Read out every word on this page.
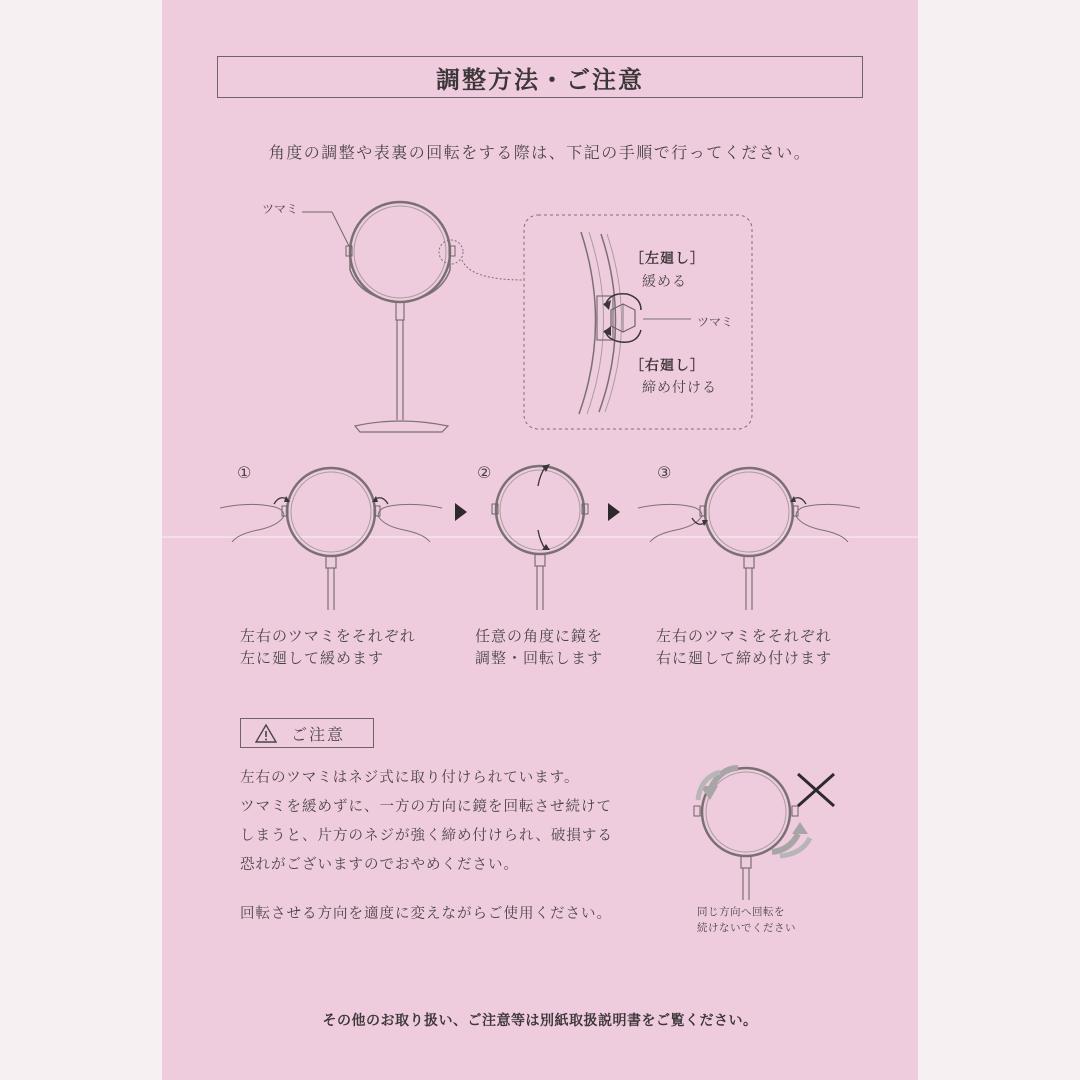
調整方法・ご注意
角度の調整や表裏の回転をする際は、下記の手順で行ってください。
ツマミ
ツマミ
［左廻し］
緩める
［右廻し］
締め付ける
①
左右のツマミをそれぞれ
左に廻して緩めます
②
任意の角度に鏡を
調整・回転します
③
左右のツマミをそれぞれ
右に廻して締め付けます
ご注意
左右のツマミはネジ式に取り付けられています。
ツマミを緩めずに、一方の方向に鏡を回転させ続けて
しまうと、片方のネジが強く締め付けられ、破損する
恐れがございますのでおやめください。
回転させる方向を適度に変えながらご使用ください。	同じ方向へ回転を
続けないでください
その他のお取り扱い、ご注意等は別紙取扱説明書をご覧ください。
